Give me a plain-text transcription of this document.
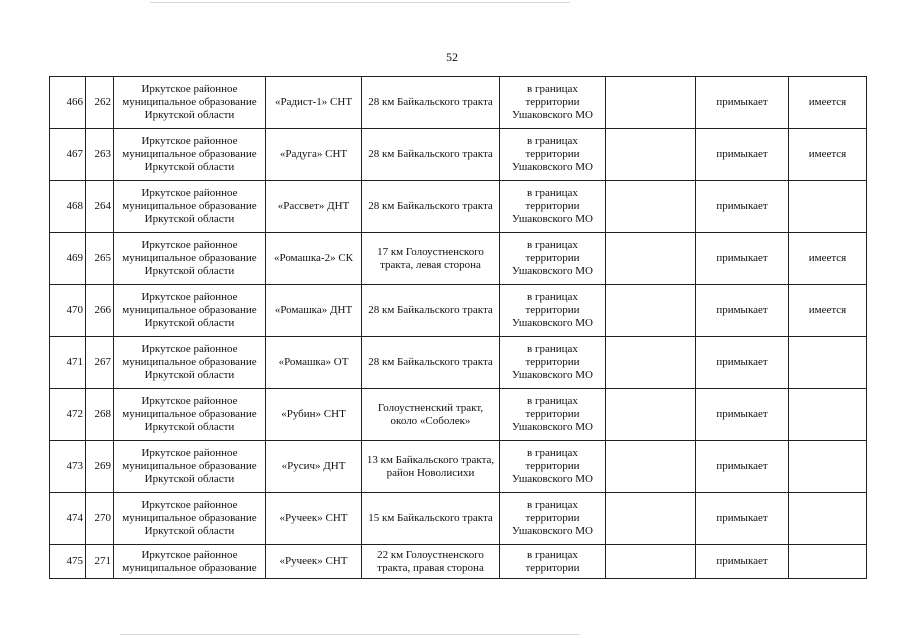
52
466	262	Иркутское районное муниципальное образование Иркутской области	«Радист-1» СНТ	28 км Байкальского тракта	в границах территории Ушаковского МО		примыкает	имеется
467	263	Иркутское районное муниципальное образование Иркутской области	«Радуга» СНТ	28 км Байкальского тракта	в границах территории Ушаковского МО		примыкает	имеется
468	264	Иркутское районное муниципальное образование Иркутской области	«Рассвет» ДНТ	28 км Байкальского тракта	в границах территории Ушаковского МО		примыкает	
469	265	Иркутское районное муниципальное образование Иркутской области	«Ромашка-2» СК	17 км Голоустненского тракта, левая сторона	в границах территории Ушаковского МО		примыкает	имеется
470	266	Иркутское районное муниципальное образование Иркутской области	«Ромашка» ДНТ	28 км Байкальского тракта	в границах территории Ушаковского МО		примыкает	имеется
471	267	Иркутское районное муниципальное образование Иркутской области	«Ромашка» ОТ	28 км Байкальского тракта	в границах территории Ушаковского МО		примыкает	
472	268	Иркутское районное муниципальное образование Иркутской области	«Рубин» СНТ	Голоустненский тракт, около «Соболек»	в границах территории Ушаковского МО		примыкает	
473	269	Иркутское районное муниципальное образование Иркутской области	«Русич» ДНТ	13 км Байкальского тракта, район Новолисихи	в границах территории Ушаковского МО		примыкает	
474	270	Иркутское районное муниципальное образование Иркутской области	«Ручеек» СНТ	15 км Байкальского тракта	в границах территории Ушаковского МО		примыкает	
475	271	Иркутское районное муниципальное образование	«Ручеек» СНТ	22 км Голоустненского тракта, правая сторона	в границах территории		примыкает	
